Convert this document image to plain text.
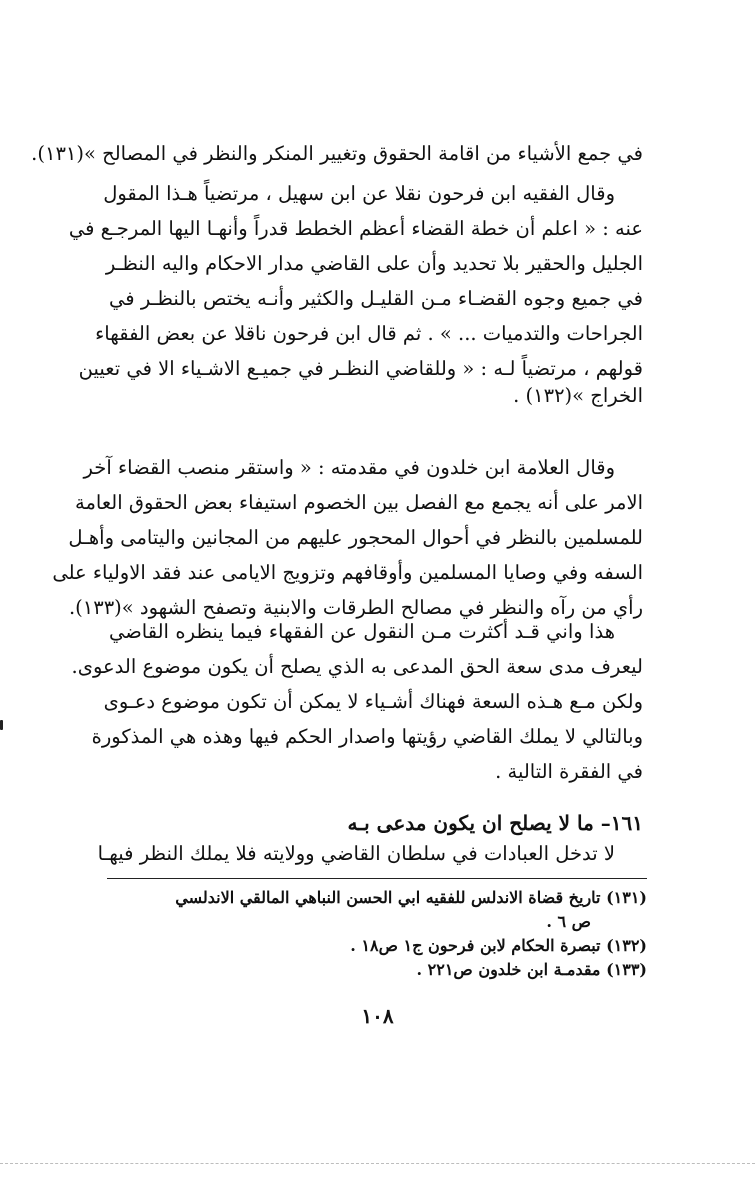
في جمع الأشياء من اقامة الحقوق وتغيير المنكر والنظر في المصالح »(١٣١).
وقال الفقيه ابن فرحون نقلا عن ابن سهيل ، مرتضياً هـذا المقول
عنه : « اعلم أن خطة القضاء أعظم الخطط قدراً وأنهـا اليها المرجـع في
الجليل والحقير بلا تحديد وأن على القاضي مدار الاحكام واليه النظـر
في جميع وجوه القضـاء مـن القليـل والكثير وأنـه يختص بالنظـر في
الجراحات والتدميات ... » . ثم قال ابن فرحون ناقلا عن بعض الفقهاء
قولهم ، مرتضياً لـه : « وللقاضي النظـر في جميـع الاشـياء الا في تعيين
الخراج »(١٣٢) .
وقال العلامة ابن خلدون في مقدمته : « واستقر منصب القضاء آخر
الامر على أنه يجمع مع الفصل بين الخصوم استيفاء بعض الحقوق العامة
للمسلمين بالنظر في أحوال المحجور عليهم من المجانين واليتامى وأهـل
السفه وفي وصايا المسلمين وأوقافهم وتزويج الايامى عند فقد الاولياء على
رأي من رآه والنظر في مصالح الطرقات والابنية وتصفح الشهود »(١٣٣).
هذا واني قـد أكثرت مـن النقول عن الفقهاء فيما ينظره القاضي
ليعرف مدى سعة الحق المدعى به الذي يصلح أن يكون موضوع الدعوى.
ولكن مـع هـذه السعة فهناك أشـياء لا يمكن أن تكون موضوع دعـوى
وبالتالي لا يملك القاضي رؤيتها واصدار الحكم فيها وهذه هي المذكورة
في الفقرة التالية .
١٦١– ما لا يصلح ان يكون مدعى بـه
لا تدخل العبادات في سلطان القاضي وولايته فلا يملك النظر فيهـا
(١٣١) تاريخ قضاة الاندلس للفقيه ابي الحسن النباهي المالقي الاندلسي
ص ٦ .
(١٣٢) تبصرة الحكام لابن فرحون ج١ ص١٨ .
(١٣٣) مقدمـة ابن خلدون ص٢٢١ .
١٠٨
